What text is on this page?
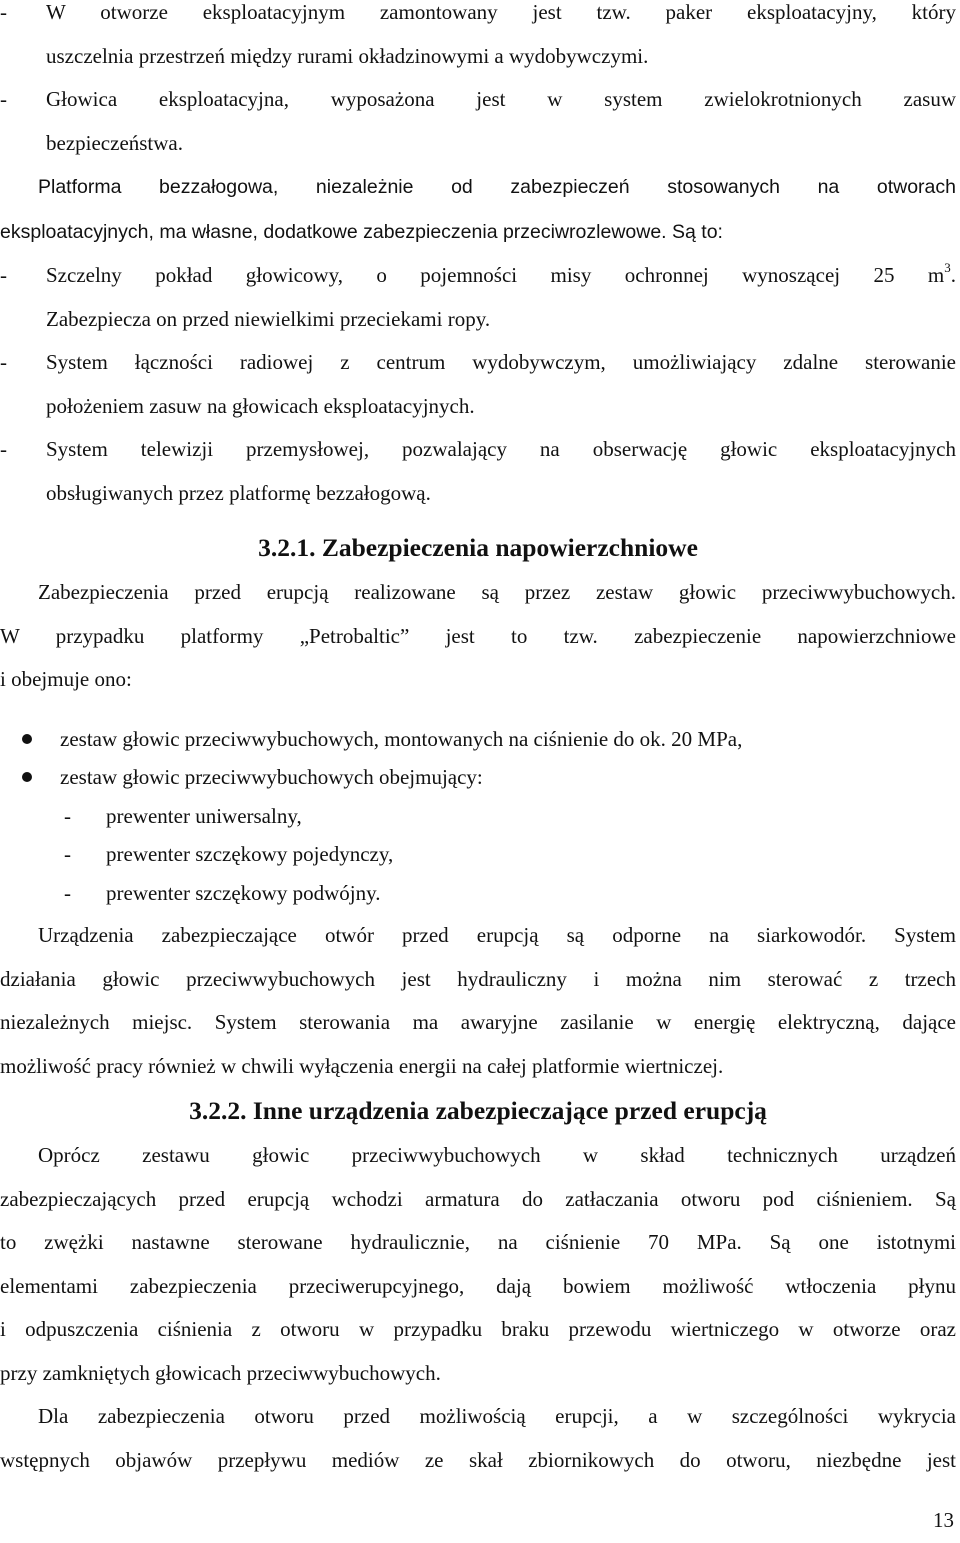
- W otworze eksploatacyjnym zamontowany jest tzw. paker eksploatacyjny, który
uszczelnia przestrzeń między rurami okładzinowymi a wydobywczymi.
- Głowica eksploatacyjna, wyposażona jest w system zwielokrotnionych zasuw
bezpieczeństwa.
Platforma bezzałogowa, niezależnie od zabezpieczeń stosowanych na otworach
eksploatacyjnych, ma własne, dodatkowe zabezpieczenia przeciwrozlewowe. Są to:
- Szczelny pokład głowicowy, o pojemności misy ochronnej wynoszącej 25 $m^3$.
Zabezpiecza on przed niewielkimi przeciekami ropy.
- System łączności radiowej z centrum wydobywczym, umożliwiający zdalne sterowanie
położeniem zasuw na głowicach eksploatacyjnych.
- System telewizji przemysłowej, pozwalający na obserwację głowic eksploatacyjnych
obsługiwanych przez platformę bezzałogową.
3.2.1. Zabezpieczenia napowierzchniowe
Zabezpieczenia przed erupcją realizowane są przez zestaw głowic przeciwwybuchowych.
W przypadku platformy „Petrobaltic” jest to tzw. zabezpieczenie napowierzchniowe
i obejmuje ono:
zestaw głowic przeciwwybuchowych, montowanych na ciśnienie do ok. 20 MPa,
zestaw głowic przeciwwybuchowych obejmujący:
- prewenter uniwersalny,
- prewenter szczękowy pojedynczy,
- prewenter szczękowy podwójny.
Urządzenia zabezpieczające otwór przed erupcją są odporne na siarkowodór. System
działania głowic przeciwwybuchowych jest hydrauliczny i można nim sterować z trzech
niezależnych miejsc. System sterowania ma awaryjne zasilanie w energię elektryczną, dające
możliwość pracy również w chwili wyłączenia energii na całej platformie wiertniczej.
3.2.2. Inne urządzenia zabezpieczające przed erupcją
Oprócz zestawu głowic przeciwwybuchowych w skład technicznych urządzeń
zabezpieczających przed erupcją wchodzi armatura do zatłaczania otworu pod ciśnieniem. Są
to zwężki nastawne sterowane hydraulicznie, na ciśnienie 70 MPa. Są one istotnymi
elementami zabezpieczenia przeciwerupcyjnego, dają bowiem możliwość wtłoczenia płynu
i odpuszczenia ciśnienia z otworu w przypadku braku przewodu wiertniczego w otworze oraz
przy zamkniętych głowicach przeciwwybuchowych.
Dla zabezpieczenia otworu przed możliwością erupcji, a w szczególności wykrycia
wstępnych objawów przepływu mediów ze skał zbiornikowych do otworu, niezbędne jest
13
